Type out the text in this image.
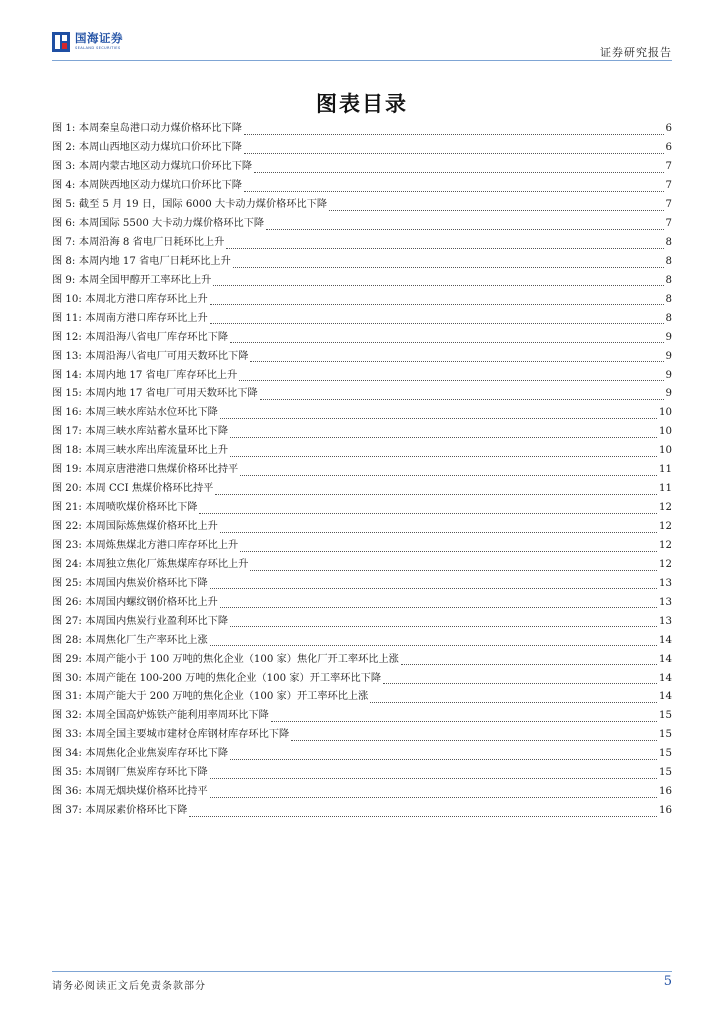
国海证券
SEALAND SECURITIES	证券研究报告
图表目录
图 1: 本周秦皇岛港口动力煤价格环比下降	6
图 2: 本周山西地区动力煤坑口价环比下降	6
图 3: 本周内蒙古地区动力煤坑口价环比下降	7
图 4: 本周陕西地区动力煤坑口价环比下降	7
图 5: 截至 5 月 19 日，国际 6000 大卡动力煤价格环比下降	7
图 6: 本周国际 5500 大卡动力煤价格环比下降	7
图 7: 本周沿海 8 省电厂日耗环比上升	8
图 8: 本周内地 17 省电厂日耗环比上升	8
图 9: 本周全国甲醇开工率环比上升	8
图 10: 本周北方港口库存环比上升	8
图 11: 本周南方港口库存环比上升	8
图 12: 本周沿海八省电厂库存环比下降	9
图 13: 本周沿海八省电厂可用天数环比下降	9
图 14: 本周内地 17 省电厂库存环比上升	9
图 15: 本周内地 17 省电厂可用天数环比下降	9
图 16: 本周三峡水库站水位环比下降	10
图 17: 本周三峡水库站蓄水量环比下降	10
图 18: 本周三峡水库出库流量环比上升	10
图 19: 本周京唐港港口焦煤价格环比持平	11
图 20: 本周 CCI 焦煤价格环比持平	11
图 21: 本周喷吹煤价格环比下降	12
图 22: 本周国际炼焦煤价格环比上升	12
图 23: 本周炼焦煤北方港口库存环比上升	12
图 24: 本周独立焦化厂炼焦煤库存环比上升	12
图 25: 本周国内焦炭价格环比下降	13
图 26: 本周国内螺纹钢价格环比上升	13
图 27: 本周国内焦炭行业盈利环比下降	13
图 28: 本周焦化厂生产率环比上涨	14
图 29: 本周产能小于 100 万吨的焦化企业（100 家）焦化厂开工率环比上涨	14
图 30: 本周产能在 100-200 万吨的焦化企业（100 家）开工率环比下降	14
图 31: 本周产能大于 200 万吨的焦化企业（100 家）开工率环比上涨	14
图 32: 本周全国高炉炼铁产能利用率周环比下降	15
图 33: 本周全国主要城市建材仓库钢材库存环比下降	15
图 34: 本周焦化企业焦炭库存环比下降	15
图 35: 本周钢厂焦炭库存环比下降	15
图 36: 本周无烟块煤价格环比持平	16
图 37: 本周尿素价格环比下降	16
请务必阅读正文后免责条款部分	5
